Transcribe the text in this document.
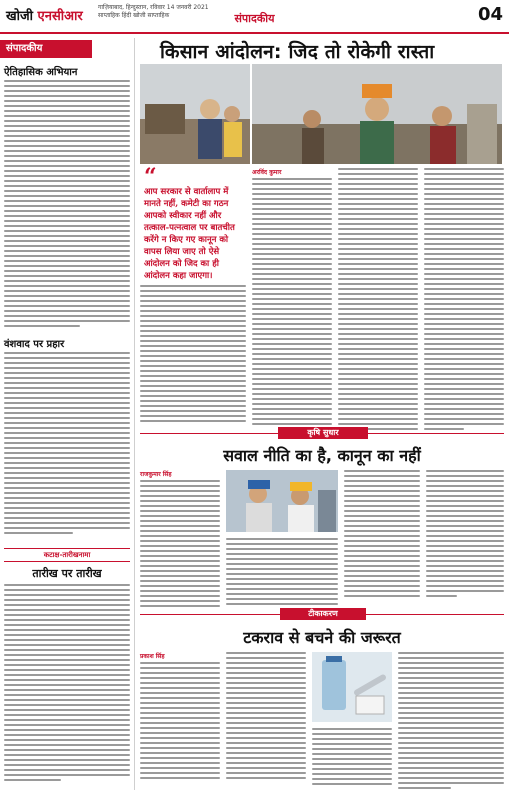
खोजी एनसीआर
गाज़ियाबाद, हिन्दुस्तान, रविवार 14 जनवरी 2021
साप्ताहिक हिंदी खोजी साप्ताहिक	संपादकीय	04
संपादकीय
ऐतिहासिक अभियान
वंशवाद पर प्रहार
कटाक्ष-तारीखनामा
तारीख पर तारीख
किसान आंदोलन: जिद तो रोकेगी रास्ता
“
आप सरकार से वार्तालाप में मानते नहीं, कमेटी का गठन आपको स्वीकार नहीं और तत्काल-पत्नत्वाल पर बातचीत करेंगे न किए गए कानून को वापस लिया जाए तो ऐसे आंदोलन को जिद का ही आंदोलन कहा जाएगा।
अरविंद कुमार
कृषि सुधार
सवाल नीति का है, कानून का नहीं
राजकुमार सिंह
टीकाकरण
टकराव से बचने की जरूरत
प्रकाश सिंह
